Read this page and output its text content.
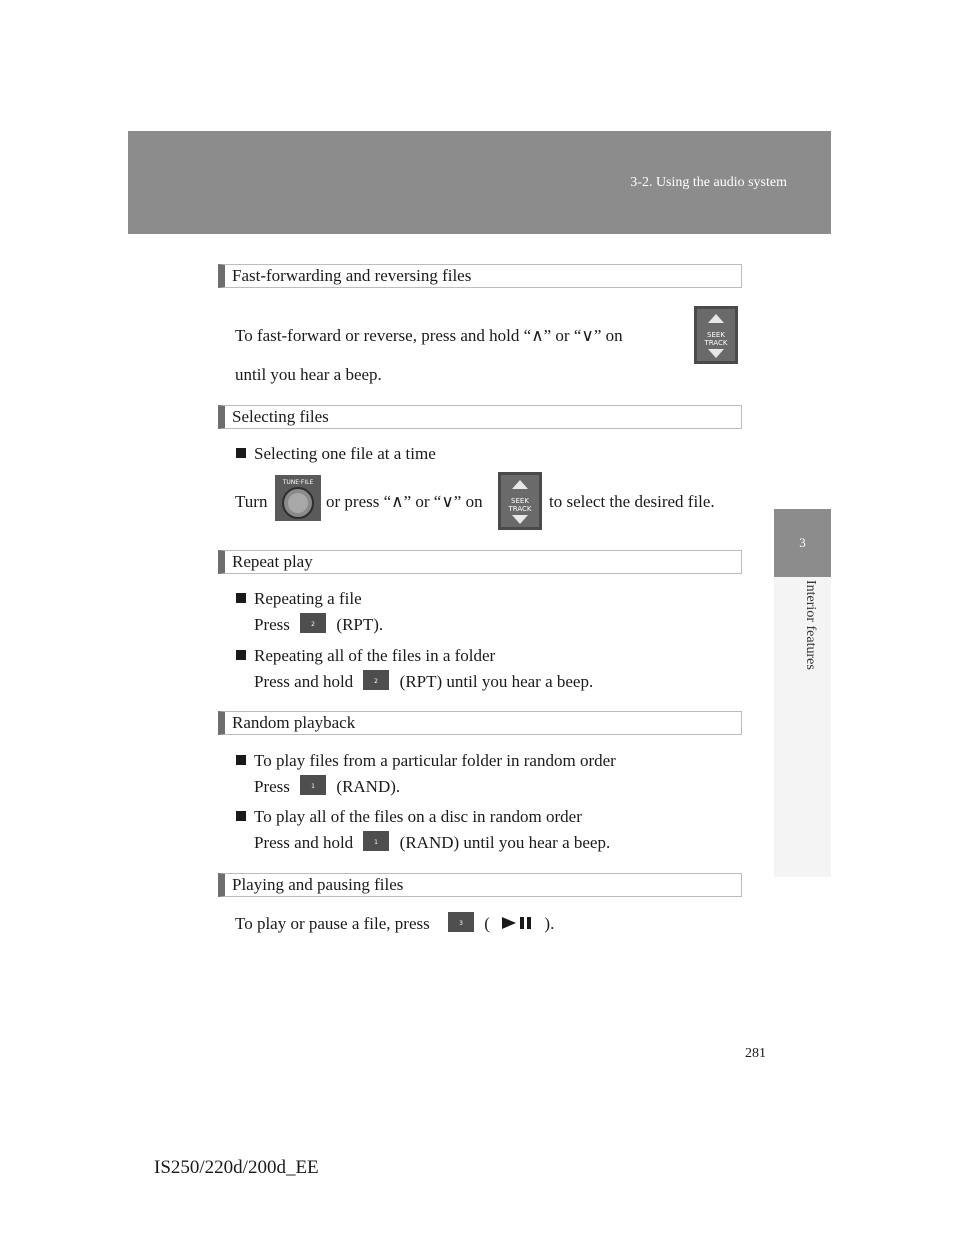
3-2. Using the audio system
3
Interior features
Fast-forwarding and reversing files
To fast-forward or reverse, press and hold “∧” or “∨” on	SEEK
TRACK
until you hear a beep.
Selecting files
Selecting one file at a time
Turn
TUNE·FILE
or press “∧” or “∨” on	SEEK
TRACK to select the desired file.
Repeat play
Repeating a file
Press	2 (RPT).
Repeating all of the files in a folder
Press and hold	2 (RPT) until you hear a beep.
Random playback
To play files from a particular folder in random order
Press	1 (RAND).
To play all of the files on a disc in random order
Press and hold	1 (RAND) until you hear a beep.
Playing and pausing files
To play or pause a file, press	3 (	).
281
IS250/220d/200d_EE
